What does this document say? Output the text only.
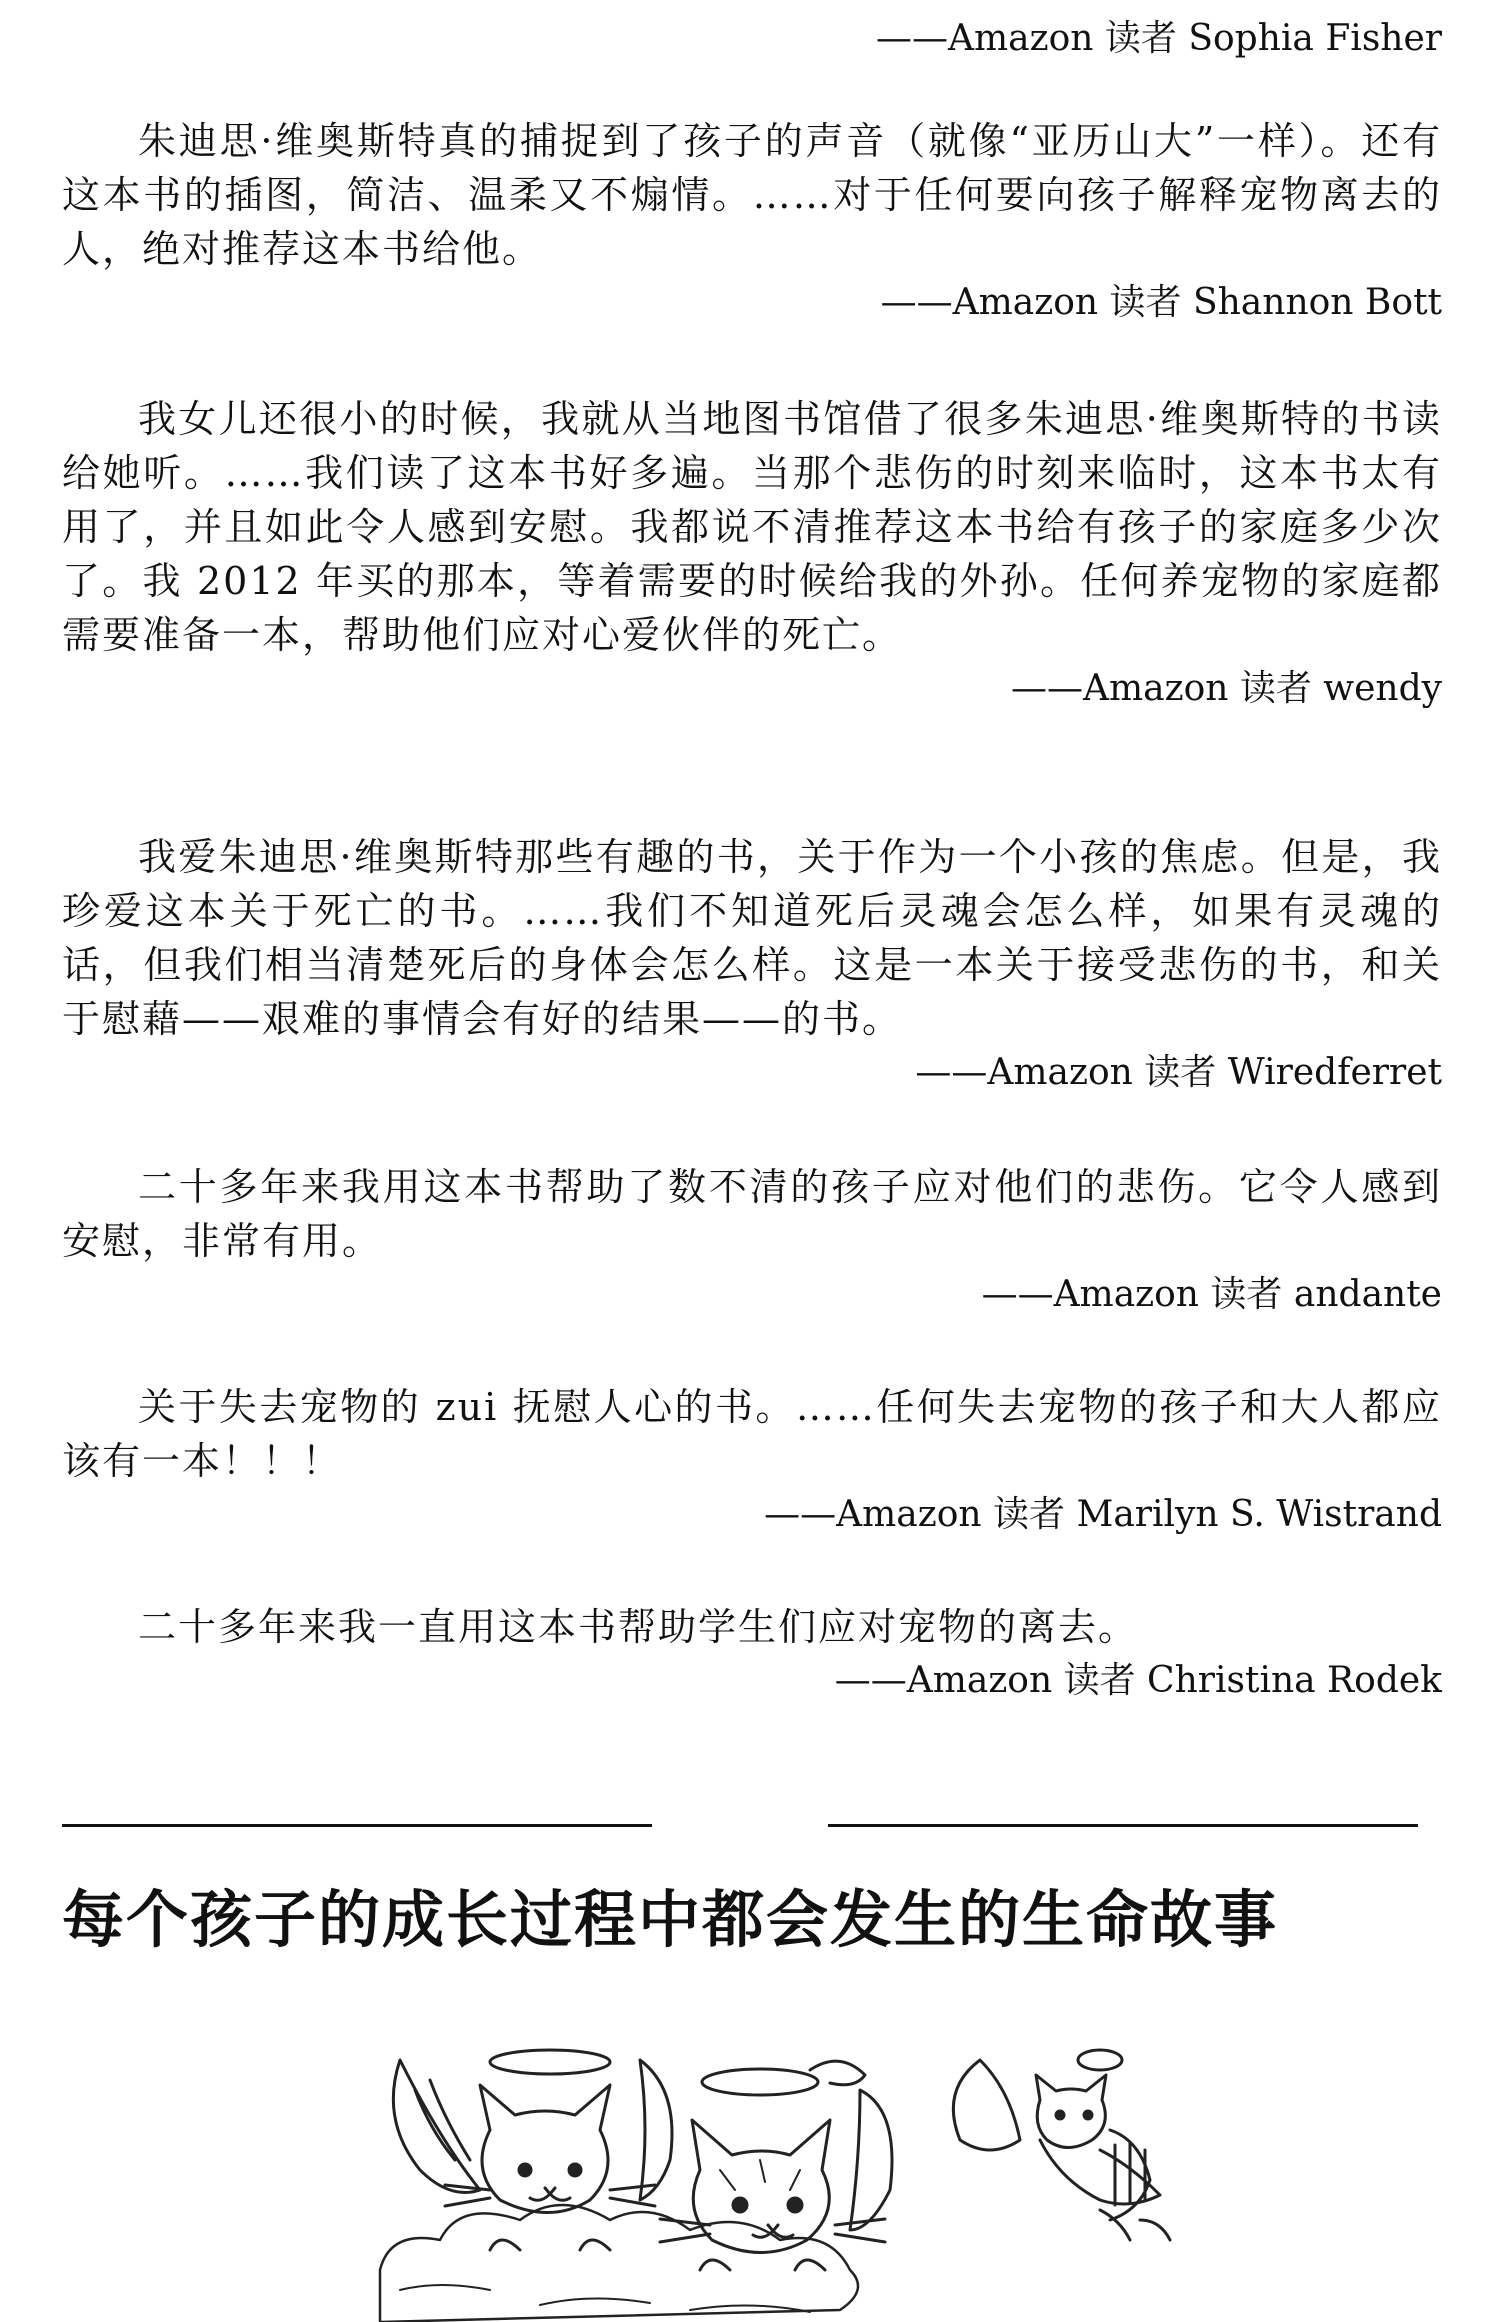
——Amazon 读者 Sophia Fisher

朱迪思·维奥斯特真的捕捉到了孩子的声音（就像“亚历山大”一样）。还有这本书的插图，简洁、温柔又不煽情。……对于任何要向孩子解释宠物离去的人，绝对推荐这本书给他。

——Amazon 读者 Shannon Bott

我女儿还很小的时候，我就从当地图书馆借了很多朱迪思·维奥斯特的书读给她听。……我们读了这本书好多遍。当那个悲伤的时刻来临时，这本书太有用了，并且如此令人感到安慰。我都说不清推荐这本书给有孩子的家庭多少次了。我 2012 年买的那本，等着需要的时候给我的外孙。任何养宠物的家庭都需要准备一本，帮助他们应对心爱伙伴的死亡。

——Amazon 读者 wendy

我爱朱迪思·维奥斯特那些有趣的书，关于作为一个小孩的焦虑。但是，我珍爱这本关于死亡的书。……我们不知道死后灵魂会怎么样，如果有灵魂的话，但我们相当清楚死后的身体会怎么样。这是一本关于接受悲伤的书，和关于慰藉——艰难的事情会有好的结果——的书。

——Amazon 读者 Wiredferret

二十多年来我用这本书帮助了数不清的孩子应对他们的悲伤。它令人感到安慰，非常有用。

——Amazon 读者 andante

关于失去宠物的 zui 抚慰人心的书。……任何失去宠物的孩子和大人都应该有一本！！！

——Amazon 读者 Marilyn S. Wistrand

二十多年来我一直用这本书帮助学生们应对宠物的离去。

——Amazon 读者 Christina Rodek
每个孩子的成长过程中都会发生的生命故事
